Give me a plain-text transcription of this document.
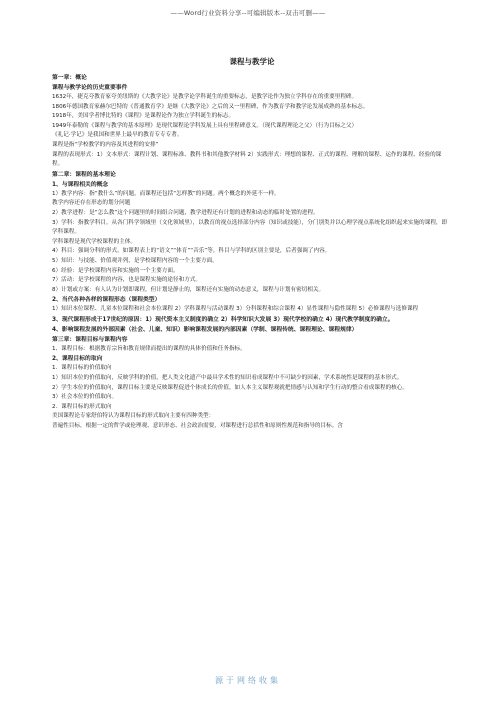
——Word行业资料分享--可编辑版本--双击可删——
课程与教学论
第一章：概论
课程与教学论的历史重要事件
1632年，捷克夸教育家夸美纽斯的《大教学论》是教学论学科诞生的重要标志，是教学论作为独立学科存在的重要里程碑。
1806年德国教育家赫尔巴特的《普通教育学》是继《大教学论》之后的又一里程碑，作为教育学和教学论发展成熟的基本标志。
1918年，美国学者博比特的《课程》是课程论作为独立学科诞生的标志。
1949年泰勒的《课程与教学的基本原理》是现代课程论学科发展上具有里程碑意义。（现代课程理论之父）（行为目标之父）
《礼记·学记》是我国和世界上最早的教育专专专著。
课程是指“学校教学的内容及其进程的安排”
课程的表现形式：1）文本形式：课程计划、课程标准、教科书和其他教学材料 2）实践形式：理想的课程、正式的课程、理解的课程、运作的课程、经验的课程。
第二章：课程的基本理论
1、与课程相关的概念
1）教学内容：指“教什么”的问题，而课程还包括“怎样教”的问题。两个概念的外延不一样。
教学内容还存在形态的划分问题
2）教学进程：是“怎么教”这个问题里的时间组合问题，教学进程还有计划的进程和动态的临时处置的进程。
3）学科：指教学科目。从各门科学领域里（文化领域里），以教育的视点选择部分内容（知识或技能），分门别类并以心理学视点系统化组织起来实施的课程，即学科课程。
学科课程是现代学校课程的主体。
4）科目：强调分科的形式。如课程表上的“语文”“体育”“音乐”等。科目与学科的区别主要是，后者强调了内容。
5）知识：与技能、价值观并列，是学校课程内容的一个主要方面。
6）经验：是学校课程内容和实施的一个主要方面。
7）活动：是学校课程的内容，也是课程实施的途径和方式。
8）计划或方案：有人认为计划即课程，但计划是静止的，课程还有实施的动态意义，课程与计划有密切相关。
2、当代各种各样的课程形态（课程类型）
1）知识本位课程、儿童本位课程和社会本位课程 2）学科课程与活动课程 3）分科课程和综合课程 4）显性课程与隐性课程 5）必修课程与选修课程
3、现代课程形成于17世纪的原因：1）现代资本主义制度的确立 2）科学知识大发展 3）现代学校的确立 4）现代教学制度的确立。
4、影响课程发展的外部因素（社会、儿童、知识）影响课程发展的内部因素（学制、课程传统、课程理论、课程规律）
第三章：课程目标与课程内容
1、课程目标：根据教育宗旨和教育规律而提出的课程的具体价值和任务指标。
2、课程目标的取向
1．课程目标的价值取向
1）知识本位的价值取向，反映学科的价值，把人类文化遗产中最具学术性的知识看成课程中不可缺少的因素，学术系统性是课程的基本形式。
2）学生本位的价值取向，课程目标主要是反映课程促进个体成长的价值，如人本主义课程观就把情感与认知和学生行动的整合看成课程的核心。
3）社会本位的价值取向。
2．课程目标的形式取向
美国课程论专家舒伯特认为课程目标的形式取向主要有四种类型：
普遍性目标，根据一定的哲学或伦理观、意识形态、社会政治需要，对课程进行总括性和原则性规范和指导的目标。含
源于网络收集
